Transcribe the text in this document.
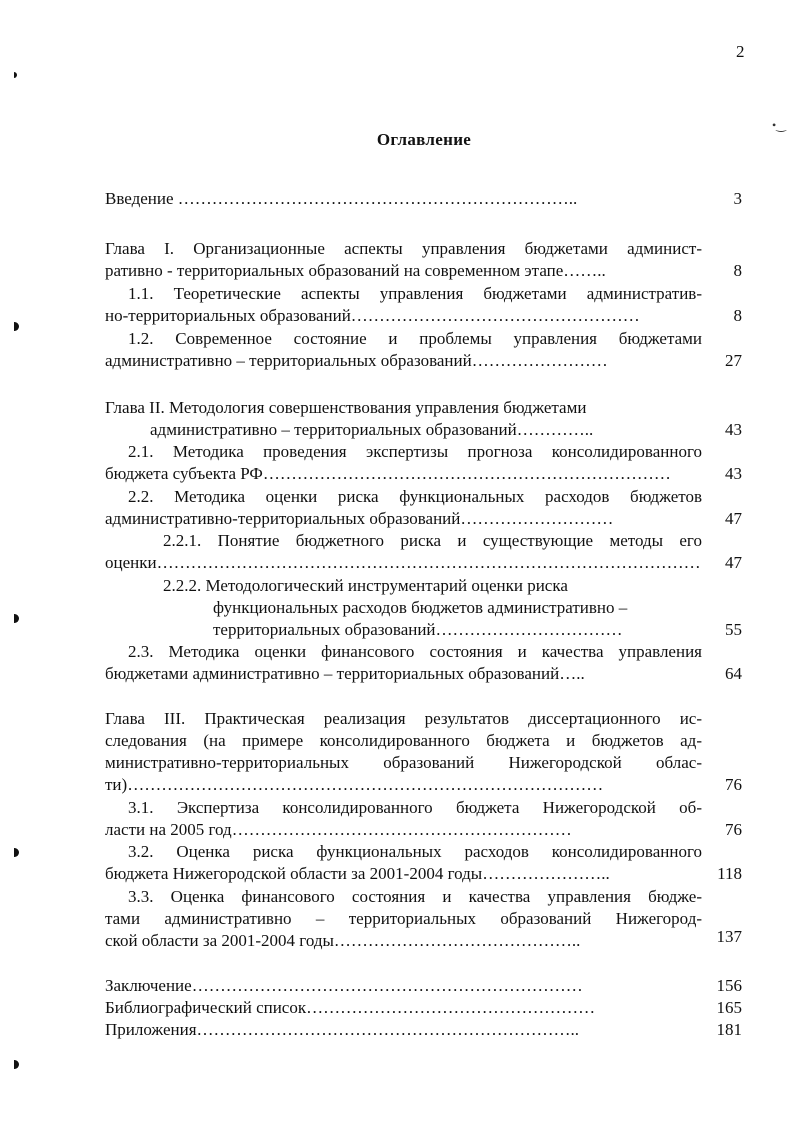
2
•‿
Оглавление
Введение ……………………………………………………………..	3
Глава I. Организационные аспекты управления бюджетами админист-
ративно - территориальных образований на современном этапе……..	8
1.1. Теоретические аспекты управления бюджетами административ-
но-территориальных образований……………………………………………	8
1.2. Современное состояние и проблемы управления бюджетами
административно – территориальных образований……………………	27
Глава II. Методология совершенствования управления бюджетами
административно – территориальных образований…………..	43
2.1. Методика проведения экспертизы прогноза консолидированного
бюджета субъекта РФ………………………………………………………………	43
2.2. Методика оценки риска функциональных расходов бюджетов
административно-территориальных образований………………………	47
2.2.1. Понятие бюджетного риска и существующие методы его
оценки……………………………………………………………………………………	47
2.2.2. Методологический инструментарий оценки риска
функциональных расходов бюджетов административно –
территориальных образований……………………………	55
2.3. Методика оценки финансового состояния и качества управления
бюджетами административно – территориальных образований…..	64
Глава III. Практическая реализация результатов диссертационного ис-
следования (на примере консолидированного бюджета и бюджетов ад-
министративно-территориальных образований Нижегородской облас-
ти)…………………………………………………………………………	76
3.1. Экспертиза консолидированного бюджета Нижегородской об-
ласти на 2005 год……………………………………………………	76
3.2. Оценка риска функциональных расходов консолидированного
бюджета Нижегородской области за 2001-2004 годы…………………..	118
3.3. Оценка финансового состояния и качества управления бюдже-
тами административно – территориальных образований Нижегород-
ской области за 2001-2004 годы……………………………………..	137
Заключение……………………………………………………………	156
Библиографический список……………………………………………	165
Приложения…………………………………………………………..	181
